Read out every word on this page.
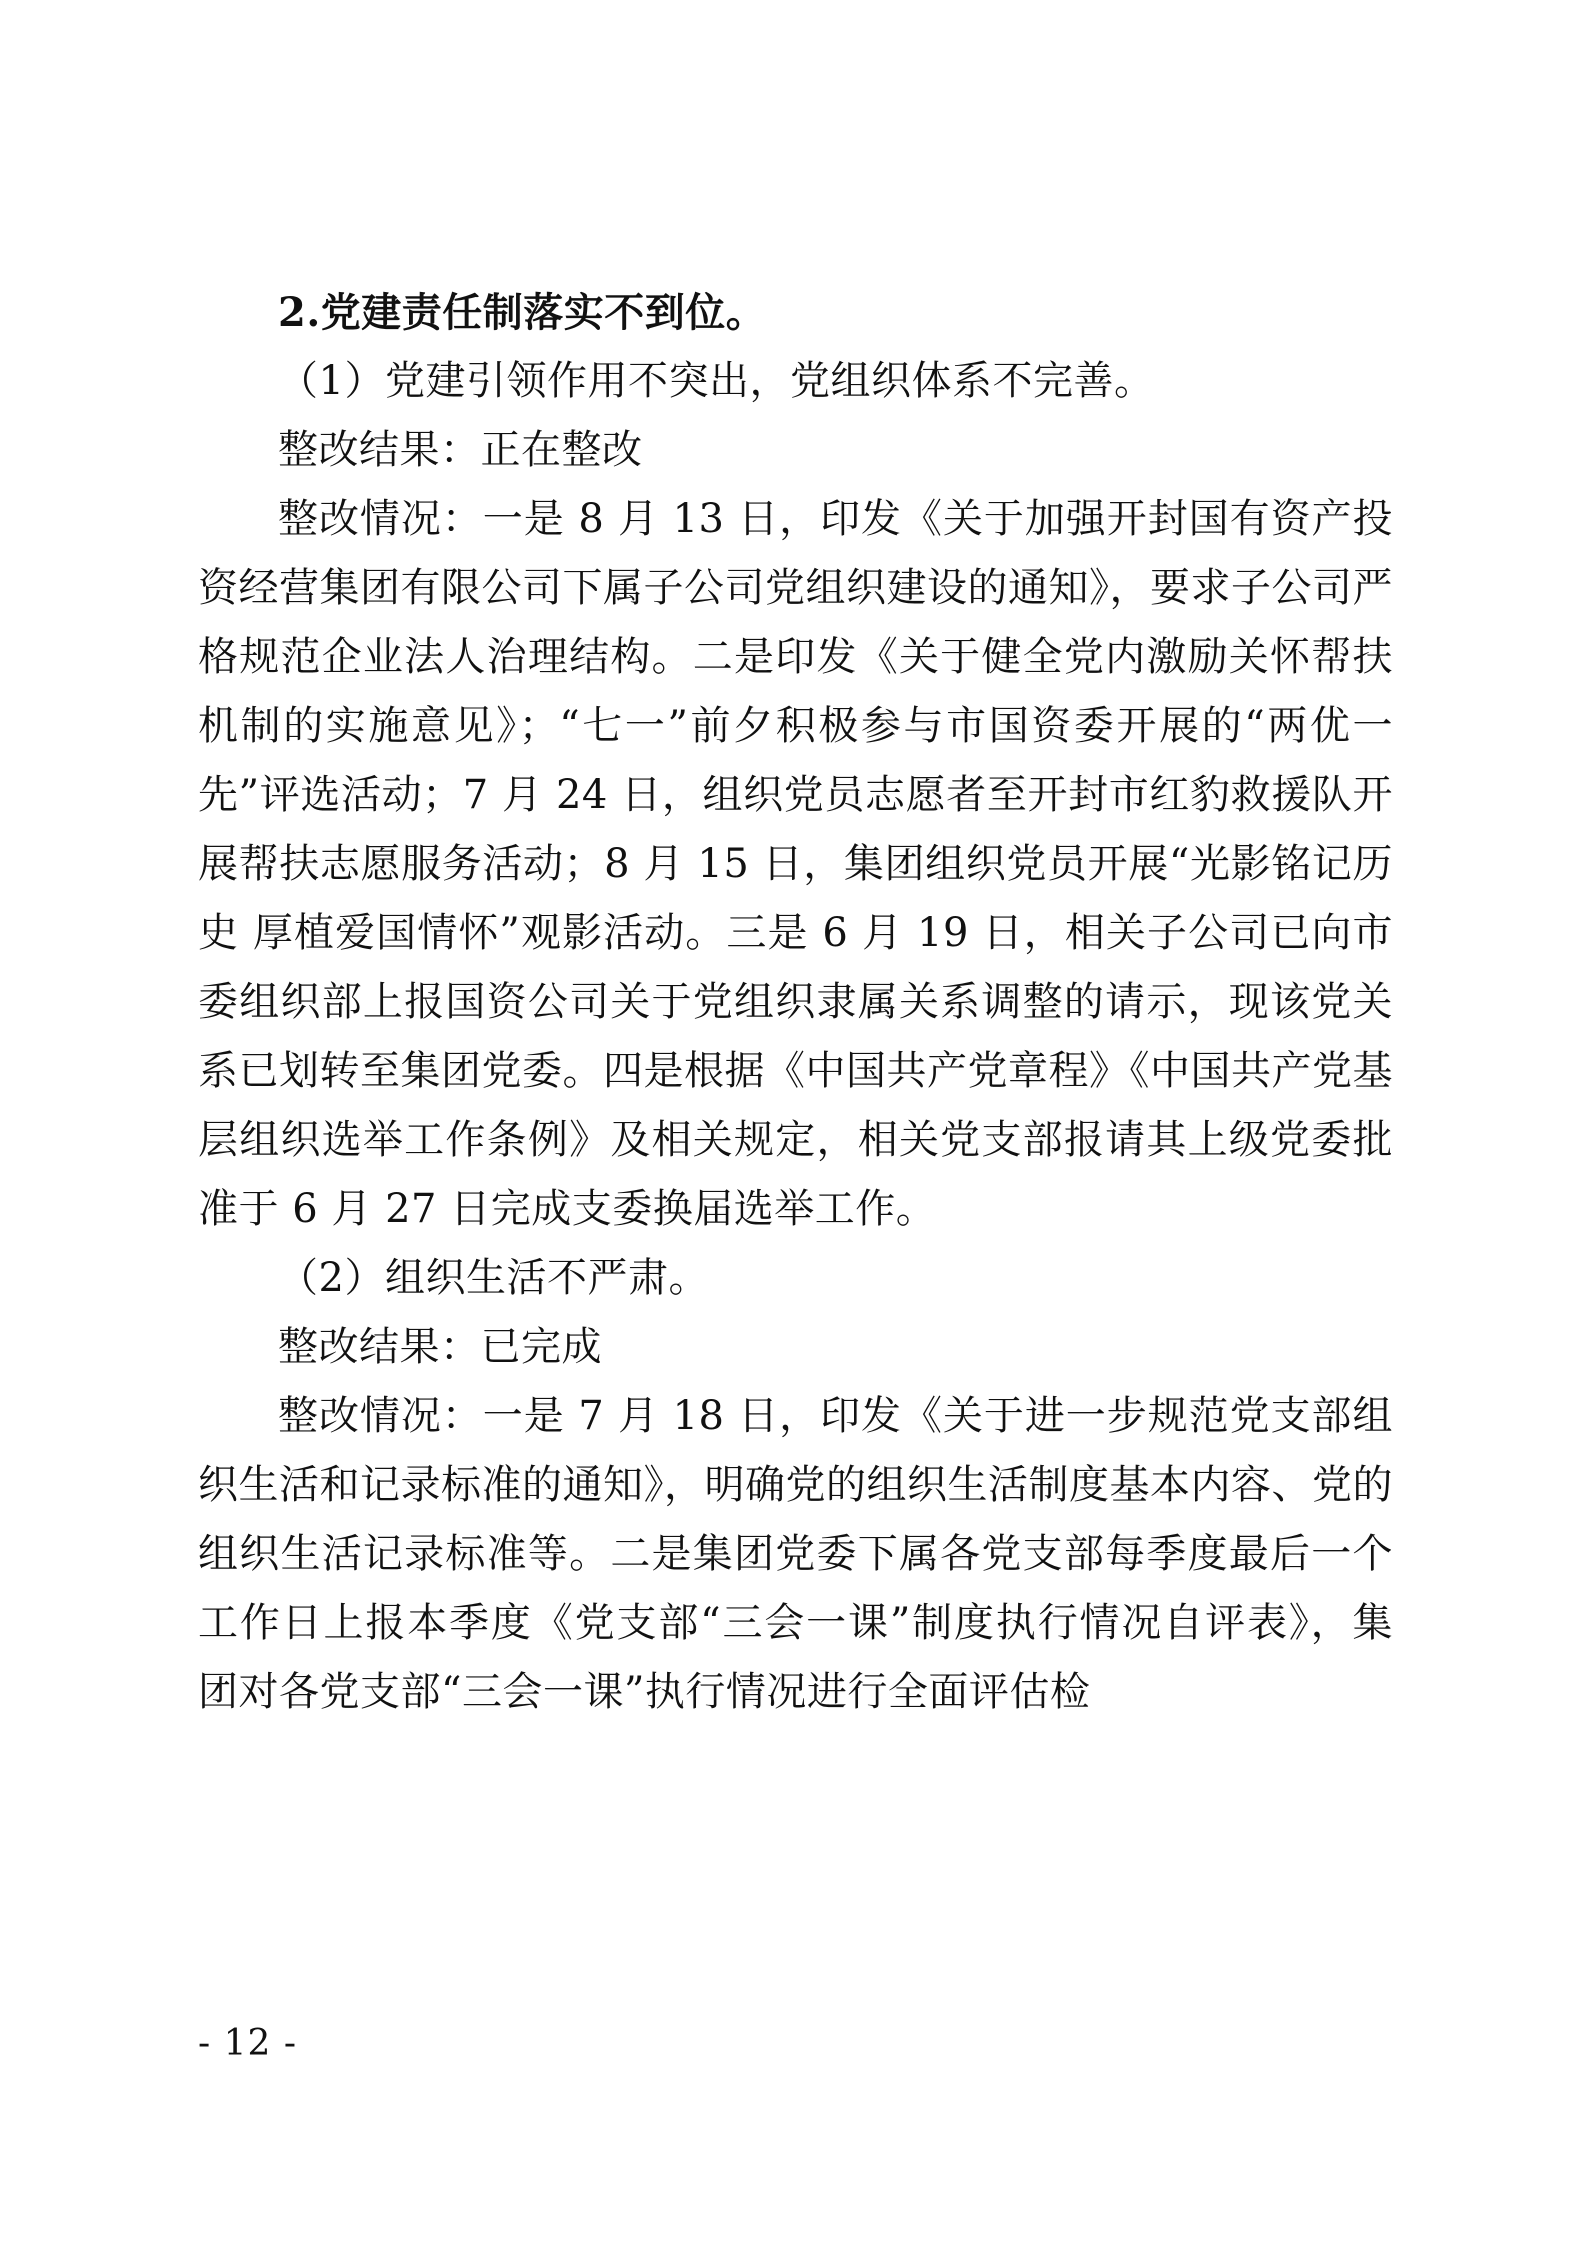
2.党建责任制落实不到位。

（1）党建引领作用不突出，党组织体系不完善。

整改结果：正在整改

整改情况：一是 8 月 13 日，印发《关于加强开封国有资产投资经营集团有限公司下属子公司党组织建设的通知》，要求子公司严格规范企业法人治理结构。二是印发《关于健全党内激励关怀帮扶机制的实施意见》；“七一”前夕积极参与市国资委开展的“两优一先”评选活动；7 月 24 日，组织党员志愿者至开封市红豹救援队开展帮扶志愿服务活动；8 月 15 日，集团组织党员开展“光影铭记历史 厚植爱国情怀”观影活动。三是 6 月 19 日，相关子公司已向市委组织部上报国资公司关于党组织隶属关系调整的请示，现该党关系已划转至集团党委。四是根据《中国共产党章程》《中国共产党基层组织选举工作条例》及相关规定，相关党支部报请其上级党委批准于 6 月 27 日完成支委换届选举工作。

（2）组织生活不严肃。

整改结果：已完成

整改情况：一是 7 月 18 日，印发《关于进一步规范党支部组织生活和记录标准的通知》，明确党的组织生活制度基本内容、党的组织生活记录标准等。二是集团党委下属各党支部每季度最后一个工作日上报本季度《党支部“三会一课”制度执行情况自评表》，集团对各党支部“三会一课”执行情况进行全面评估检

- 12 -
